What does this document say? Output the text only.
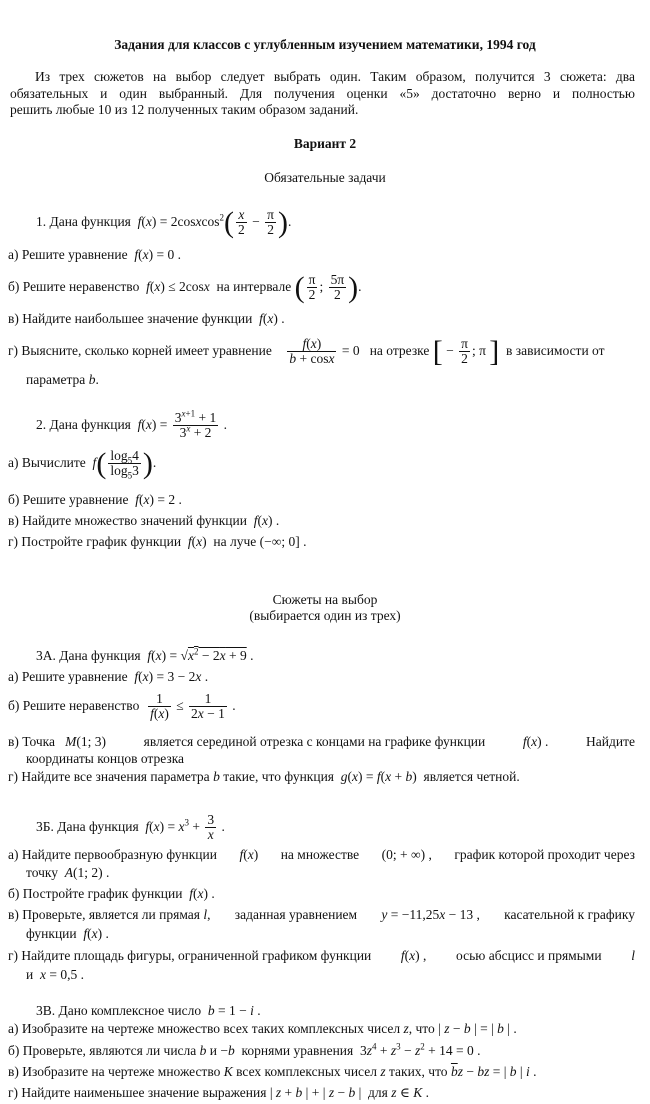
Задания для классов с углубленным изучением математики, 1994 год
Из трех сюжетов на выбор следует выбрать один. Таким образом, получится 3 сюжета: два
обязательных и один выбранный. Для получения оценки «5» достаточно верно и полностью
решить любые 10 из 12 полученных таким образом заданий.
Вариант 2
Обязательные задачи
1. Дана функция f(x) = 2cosxcos$^2$( $\frac{x}{2} - \frac{\pi}{2}$ ).
а) Решите уравнение f(x) = 0 .
б) Решите неравенство f(x) ≤ 2cosx на интервале ( $\frac{\pi}{2}$ ; $\frac{5\pi}{2}$ ).
в) Найдите наибольшее значение функции f(x) .
г) Выясните, сколько корней имеет уравнение $\frac{f(x)}{b + \cos x} = 0$   на отрезке [ − $\frac{\pi}{2}$ ; π ] в зависимости от
параметра b.
2. Дана функция $f(x) = \frac{3^{x+1} + 1}{3^x + 2}$ .
а) Вычислите $f( \frac{\log_54}{\log_53}$ ).
б) Решите уравнение f(x) = 2 .
в) Найдите множество значений функции f(x) .
г) Постройте график функции f(x)  на луче (−∞; 0] .
Сюжеты на выбор
(выбирается один из трех)
3А. Дана функция $f(x) = √x^2 - 2x + 9$ .
а) Решите уравнение f(x) = 3 − 2x .
б) Решите неравенство $\frac{1}{f(x)} \le \frac{1}{2x - 1}$ .
в) Точка M(1; 3)	является серединой отрезка с концами на графике функции	f(x) .	Найдите
координаты концов отрезка
г) Найдите все значения параметра b такие, что функция g(x) = f(x + b)  является четной.
3Б. Дана функция $f(x) = x^3 + \frac{3}{x}$ .
а) Найдите первообразную функции f(x) на множестве (0; + ∞) , график которой проходит через
точку A(1; 2) .
б) Постройте график функции f(x) .
в) Проверьте, является ли прямая l, заданная уравнением y = −11,25x − 13 , касательной к графику
функции f(x) .
г) Найдите площадь фигуры, ограниченной графиком функции f(x) , осью абсцисс и прямыми l
и x = 0,5 .
3В. Дано комплексное число b = 1 − i .
а) Изобразите на чертеже множество всех таких комплексных чисел z, что | z − b | = | b | .
б) Проверьте, являются ли числа b и −b корнями уравнения  $3z^4 + z^3 - z^2 + 14 = 0$ .
в) Изобразите на чертеже множество K всех комплексных чисел z таких, что $\overline{b}z$ − bz = | b | i .
г) Найдите наименьшее значение выражения | z + b | + | z − b |  для z ∈ K .
